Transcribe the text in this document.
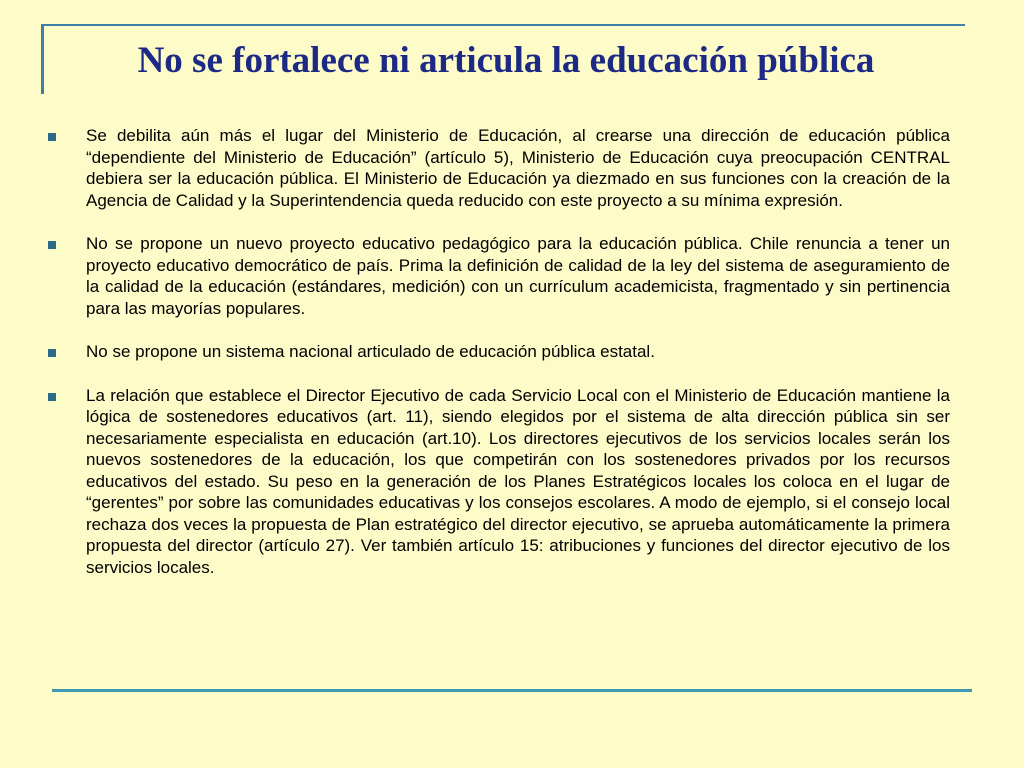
No se fortalece ni articula la educación pública
Se debilita aún más el lugar del Ministerio de Educación, al crearse una dirección de educación pública “dependiente del Ministerio de Educación” (artículo 5), Ministerio de Educación cuya preocupación CENTRAL debiera ser la educación pública. El Ministerio de Educación ya diezmado en sus funciones con la creación de la Agencia de Calidad y la Superintendencia queda reducido con este proyecto a su mínima expresión.
No se propone un nuevo proyecto educativo pedagógico para la educación pública. Chile renuncia a tener un proyecto educativo democrático de país. Prima la definición de calidad de la ley del sistema de aseguramiento de la calidad de la educación (estándares, medición) con un currículum academicista, fragmentado y sin pertinencia para las mayorías populares.
No se propone un sistema nacional articulado de educación pública estatal.
La relación que establece el Director Ejecutivo de cada Servicio Local con el Ministerio de Educación mantiene la lógica de sostenedores educativos (art. 11), siendo elegidos por el sistema de alta dirección pública sin ser necesariamente especialista en educación (art.10). Los directores ejecutivos de los servicios locales serán los nuevos sostenedores de la educación, los que competirán con los sostenedores privados por los recursos educativos del estado. Su peso en la generación de los Planes Estratégicos locales los coloca en el lugar de “gerentes” por sobre las comunidades educativas y los consejos escolares. A modo de ejemplo, si el consejo local rechaza dos veces la propuesta de Plan estratégico del director ejecutivo, se aprueba automáticamente la primera propuesta del director (artículo 27). Ver también artículo 15: atribuciones y funciones del director ejecutivo de los servicios locales.
